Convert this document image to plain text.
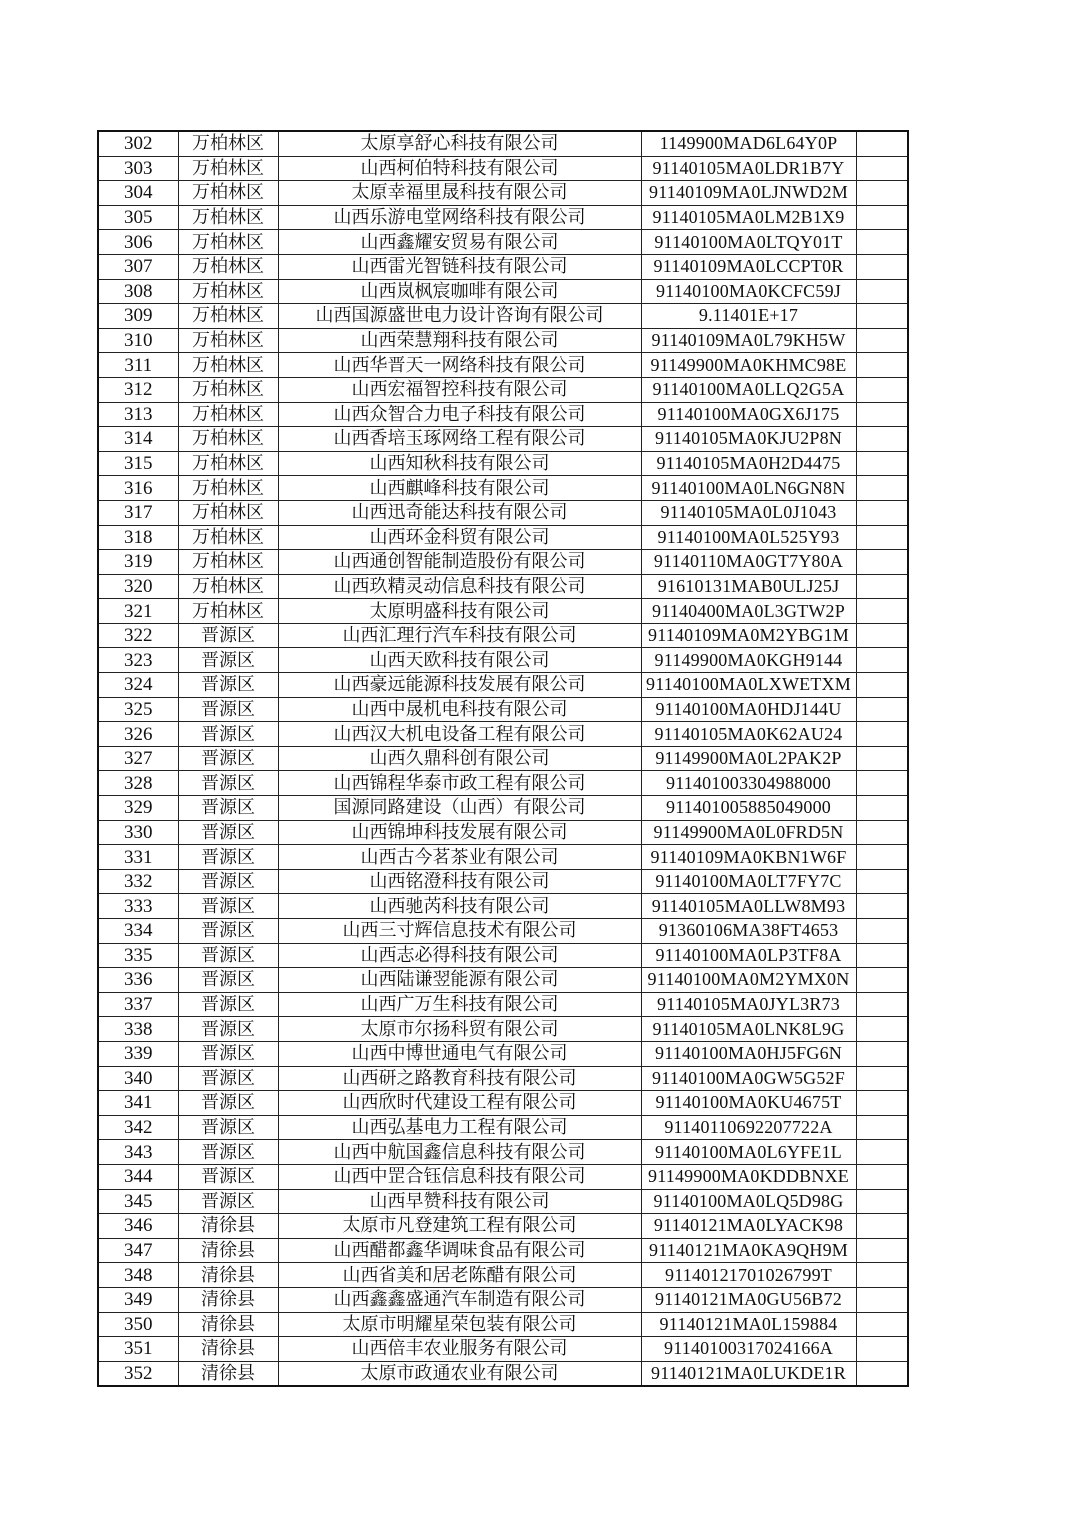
302	万柏林区	太原享舒心科技有限公司	1149900MAD6L64Y0P	
303	万柏林区	山西柯伯特科技有限公司	91140105MA0LDR1B7Y	
304	万柏林区	太原幸福里晟科技有限公司	91140109MA0LJNWD2M	
305	万柏林区	山西乐游电堂网络科技有限公司	91140105MA0LM2B1X9	
306	万柏林区	山西鑫耀安贸易有限公司	91140100MA0LTQY01T	
307	万柏林区	山西雷光智链科技有限公司	91140109MA0LCCPT0R	
308	万柏林区	山西岚枫宸咖啡有限公司	91140100MA0KCFC59J	
309	万柏林区	山西国源盛世电力设计咨询有限公司	9.11401E+17	
310	万柏林区	山西荣慧翔科技有限公司	91140109MA0L79KH5W	
311	万柏林区	山西华晋天一网络科技有限公司	91149900MA0KHMC98E	
312	万柏林区	山西宏福智控科技有限公司	91140100MA0LLQ2G5A	
313	万柏林区	山西众智合力电子科技有限公司	91140100MA0GX6J175	
314	万柏林区	山西香培玉琢网络工程有限公司	91140105MA0KJU2P8N	
315	万柏林区	山西知秋科技有限公司	91140105MA0H2D4475	
316	万柏林区	山西麒峰科技有限公司	91140100MA0LN6GN8N	
317	万柏林区	山西迅奇能达科技有限公司	91140105MA0L0J1043	
318	万柏林区	山西环金科贸有限公司	91140100MA0L525Y93	
319	万柏林区	山西通创智能制造股份有限公司	91140110MA0GT7Y80A	
320	万柏林区	山西玖精灵动信息科技有限公司	91610131MAB0ULJ25J	
321	万柏林区	太原明盛科技有限公司	91140400MA0L3GTW2P	
322	晋源区	山西汇理行汽车科技有限公司	91140109MA0M2YBG1M	
323	晋源区	山西天欧科技有限公司	91149900MA0KGH9144	
324	晋源区	山西豪远能源科技发展有限公司	91140100MA0LXWETXM	
325	晋源区	山西中晟机电科技有限公司	91140100MA0HDJ144U	
326	晋源区	山西汉大机电设备工程有限公司	91140105MA0K62AU24	
327	晋源区	山西久鼎科创有限公司	91149900MA0L2PAK2P	
328	晋源区	山西锦程华泰市政工程有限公司	911401003304988000	
329	晋源区	国源同路建设（山西）有限公司	911401005885049000	
330	晋源区	山西锦坤科技发展有限公司	91149900MA0L0FRD5N	
331	晋源区	山西古今茗茶业有限公司	91140109MA0KBN1W6F	
332	晋源区	山西铭澄科技有限公司	91140100MA0LT7FY7C	
333	晋源区	山西驰芮科技有限公司	91140105MA0LLW8M93	
334	晋源区	山西三寸辉信息技术有限公司	91360106MA38FT4653	
335	晋源区	山西志必得科技有限公司	91140100MA0LP3TF8A	
336	晋源区	山西陆谦翌能源有限公司	91140100MA0M2YMX0N	
337	晋源区	山西广万生科技有限公司	91140105MA0JYL3R73	
338	晋源区	太原市尔扬科贸有限公司	91140105MA0LNK8L9G	
339	晋源区	山西中博世通电气有限公司	91140100MA0HJ5FG6N	
340	晋源区	山西研之路教育科技有限公司	91140100MA0GW5G52F	
341	晋源区	山西欣时代建设工程有限公司	91140100MA0KU4675T	
342	晋源区	山西弘基电力工程有限公司	91140110692207722A	
343	晋源区	山西中航国鑫信息科技有限公司	91140100MA0L6YFE1L	
344	晋源区	山西中罡合钰信息科技有限公司	91149900MA0KDDBNXE	
345	晋源区	山西早赞科技有限公司	91140100MA0LQ5D98G	
346	清徐县	太原市凡登建筑工程有限公司	91140121MA0LYACK98	
347	清徐县	山西醋都鑫华调味食品有限公司	91140121MA0KA9QH9M	
348	清徐县	山西省美和居老陈醋有限公司	91140121701026799T	
349	清徐县	山西鑫鑫盛通汽车制造有限公司	91140121MA0GU56B72	
350	清徐县	太原市明耀星荣包装有限公司	91140121MA0L159884	
351	清徐县	山西倍丰农业服务有限公司	91140100317024166A	
352	清徐县	太原市政通农业有限公司	91140121MA0LUKDE1R	
